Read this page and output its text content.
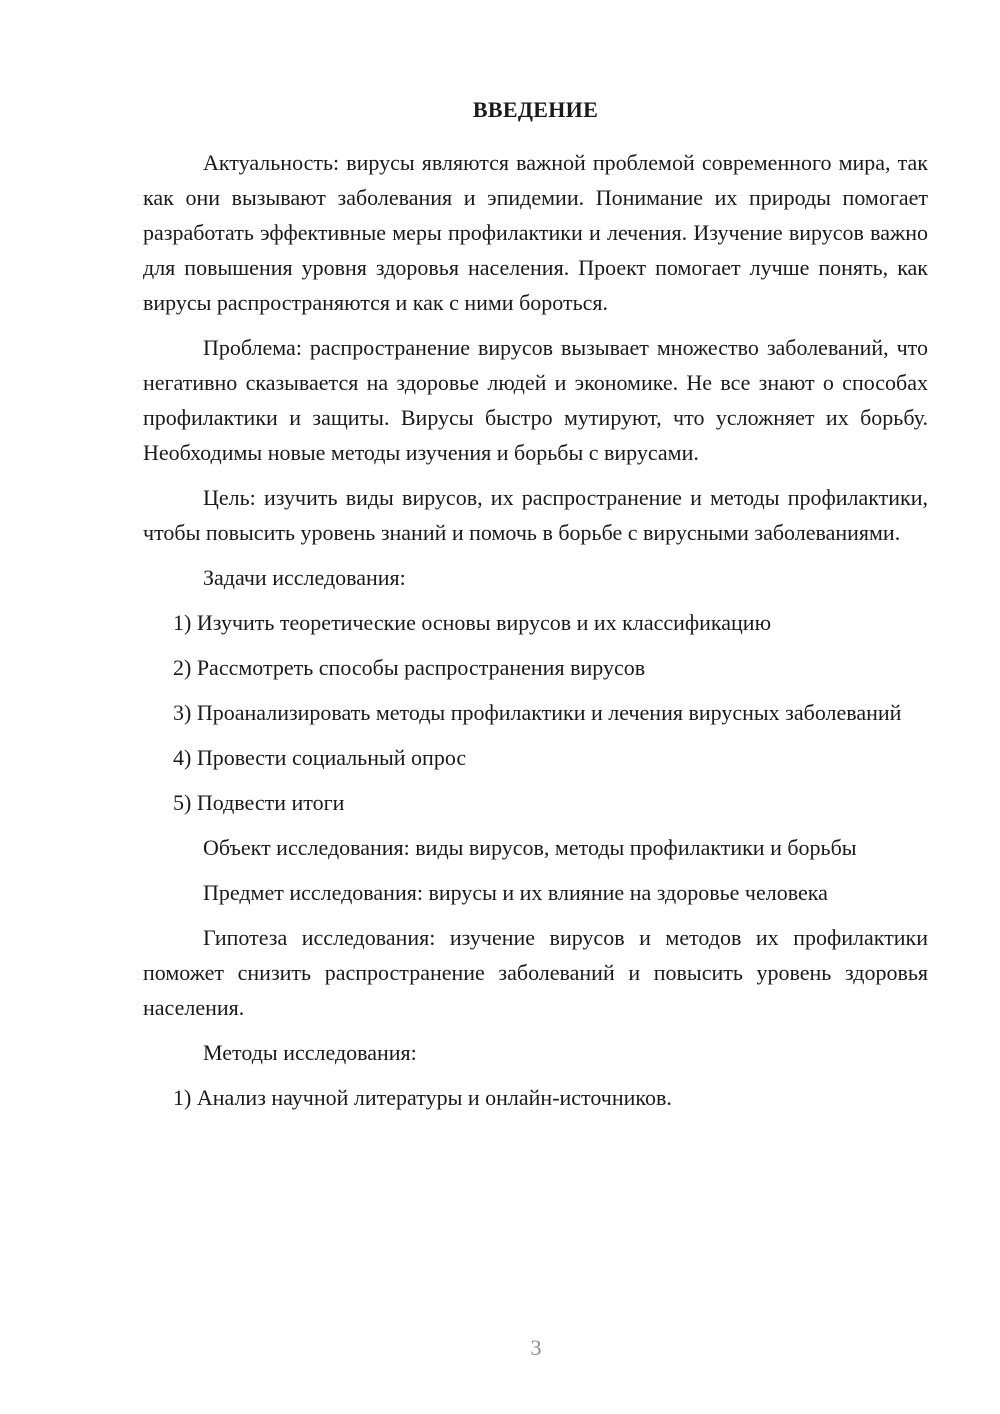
ВВЕДЕНИЕ

Актуальность: вирусы являются важной проблемой современного мира, так как они вызывают заболевания и эпидемии. Понимание их природы помогает разработать эффективные меры профилактики и лечения. Изучение вирусов важно для повышения уровня здоровья населения. Проект помогает лучше понять, как вирусы распространяются и как с ними бороться.

Проблема: распространение вирусов вызывает множество заболеваний, что негативно сказывается на здоровье людей и экономике. Не все знают о способах профилактики и защиты. Вирусы быстро мутируют, что усложняет их борьбу. Необходимы новые методы изучения и борьбы с вирусами.

Цель: изучить виды вирусов, их распространение и методы профилактики, чтобы повысить уровень знаний и помочь в борьбе с вирусными заболеваниями.

Задачи исследования:

1) Изучить теоретические основы вирусов и их классификацию

2) Рассмотреть способы распространения вирусов

3) Проанализировать методы профилактики и лечения вирусных заболеваний

4) Провести социальный опрос

5) Подвести итоги

Объект исследования: виды вирусов, методы профилактики и борьбы

Предмет исследования: вирусы и их влияние на здоровье человека

Гипотеза исследования: изучение вирусов и методов их профилактики поможет снизить распространение заболеваний и повысить уровень здоровья населения.

Методы исследования:

1) Анализ научной литературы и онлайн-источников.

3
